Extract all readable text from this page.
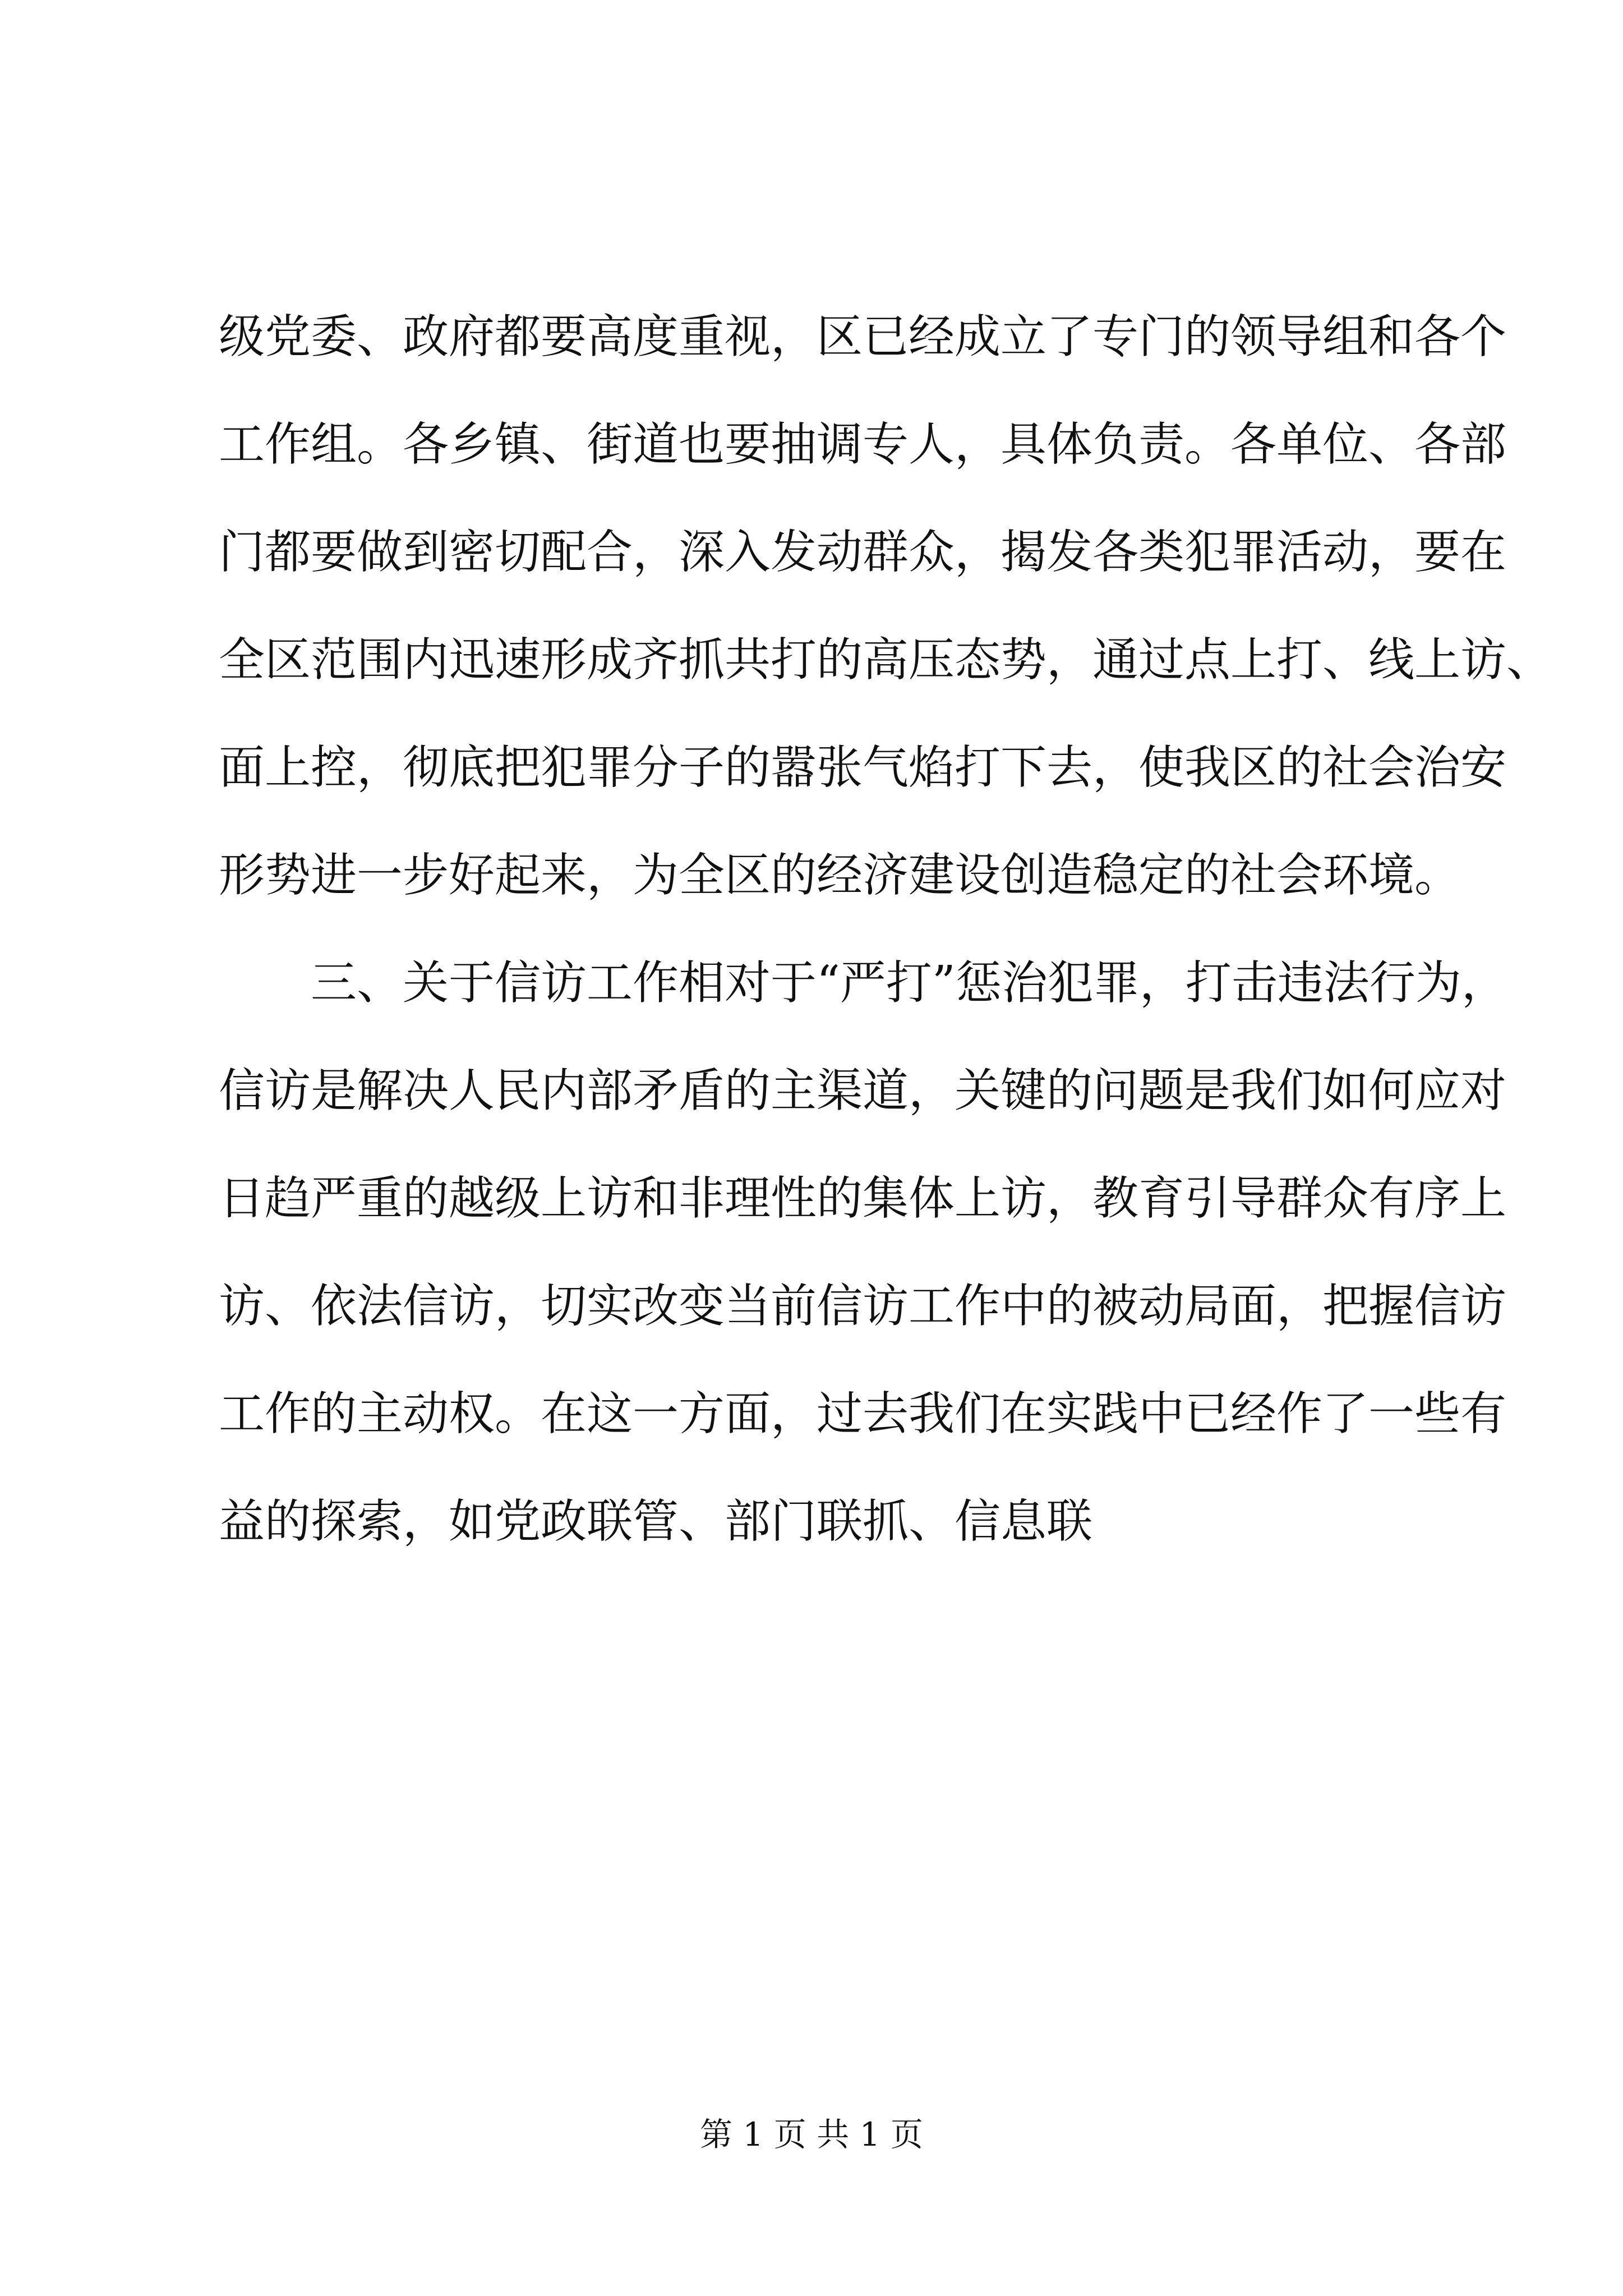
级党委、政府都要高度重视，区已经成立了专门的领导组和各个
工作组。各乡镇、街道也要抽调专人，具体负责。各单位、各部
门都要做到密切配合，深入发动群众，揭发各类犯罪活动，要在
全区范围内迅速形成齐抓共打的高压态势，通过点上打、线上访、
面上控，彻底把犯罪分子的嚣张气焰打下去，使我区的社会治安
形势进一步好起来，为全区的经济建设创造稳定的社会环境。
　　三、关于信访工作相对于“严打”惩治犯罪，打击违法行为，
信访是解决人民内部矛盾的主渠道，关键的问题是我们如何应对
日趋严重的越级上访和非理性的集体上访，教育引导群众有序上
访、依法信访，切实改变当前信访工作中的被动局面，把握信访
工作的主动权。在这一方面，过去我们在实践中已经作了一些有
益的探索，如党政联管、部门联抓、信息联
第 1 页 共 1 页
